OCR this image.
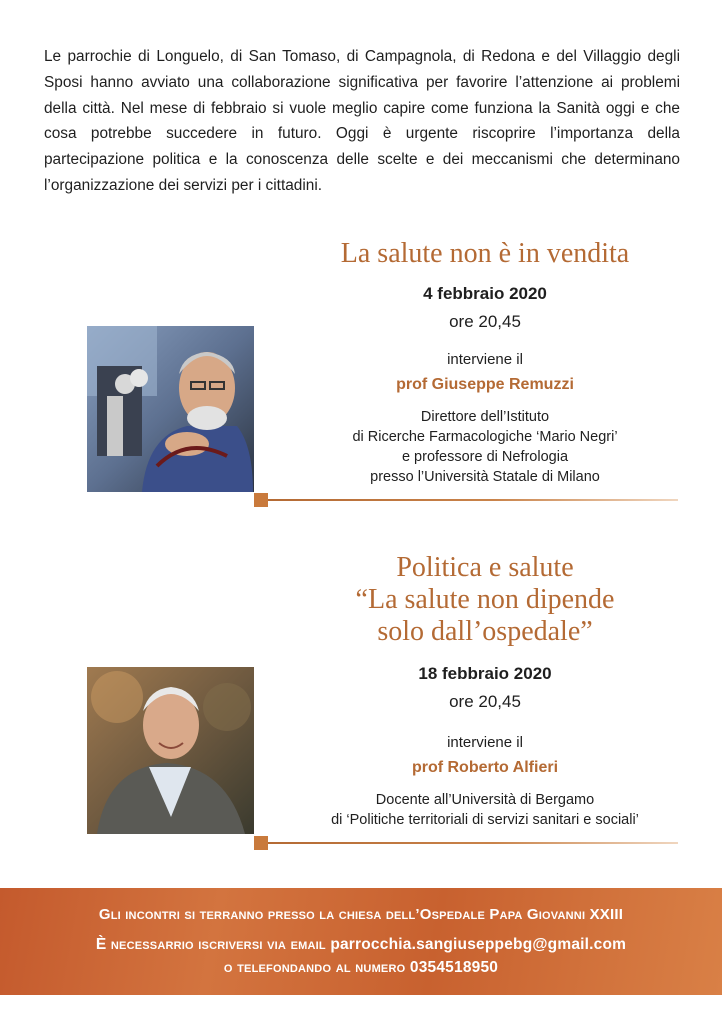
Le parrochie di Longuelo, di San Tomaso, di Campagnola, di Redona e del Villaggio degli Sposi hanno avviato una collaborazione significativa per favorire l’attenzione ai problemi della città. Nel mese di febbraio si vuole meglio capire come funziona la Sanità oggi e che cosa potrebbe succedere in futuro. Oggi è urgente riscoprire l’importanza della partecipazione politica e la conoscenza delle scelte e dei meccanismi che determinano l’organizzazione dei servizi per i cittadini.

La salute non è in vendita
4 febbraio 2020
ore 20,45
interviene il
prof Giuseppe Remuzzi
Direttore dell’Istituto
di Ricerche Farmacologiche ‘Mario Negri’
e professore di Nefrologia
presso l’Università Statale di Milano
Politica e salute
“La salute non dipende
solo dall’ospedale”
18 febbraio 2020
ore 20,45
interviene il
prof Roberto Alfieri
Docente all’Università di Bergamo
di ‘Politiche territoriali di servizi sanitari e sociali’

Gli incontri si terranno presso la chiesa dell’Ospedale Papa Giovanni XXIII

È necessarrio iscriversi via email parrocchia.sangiuseppebg@gmail.com

o telefondando al numero 0354518950
